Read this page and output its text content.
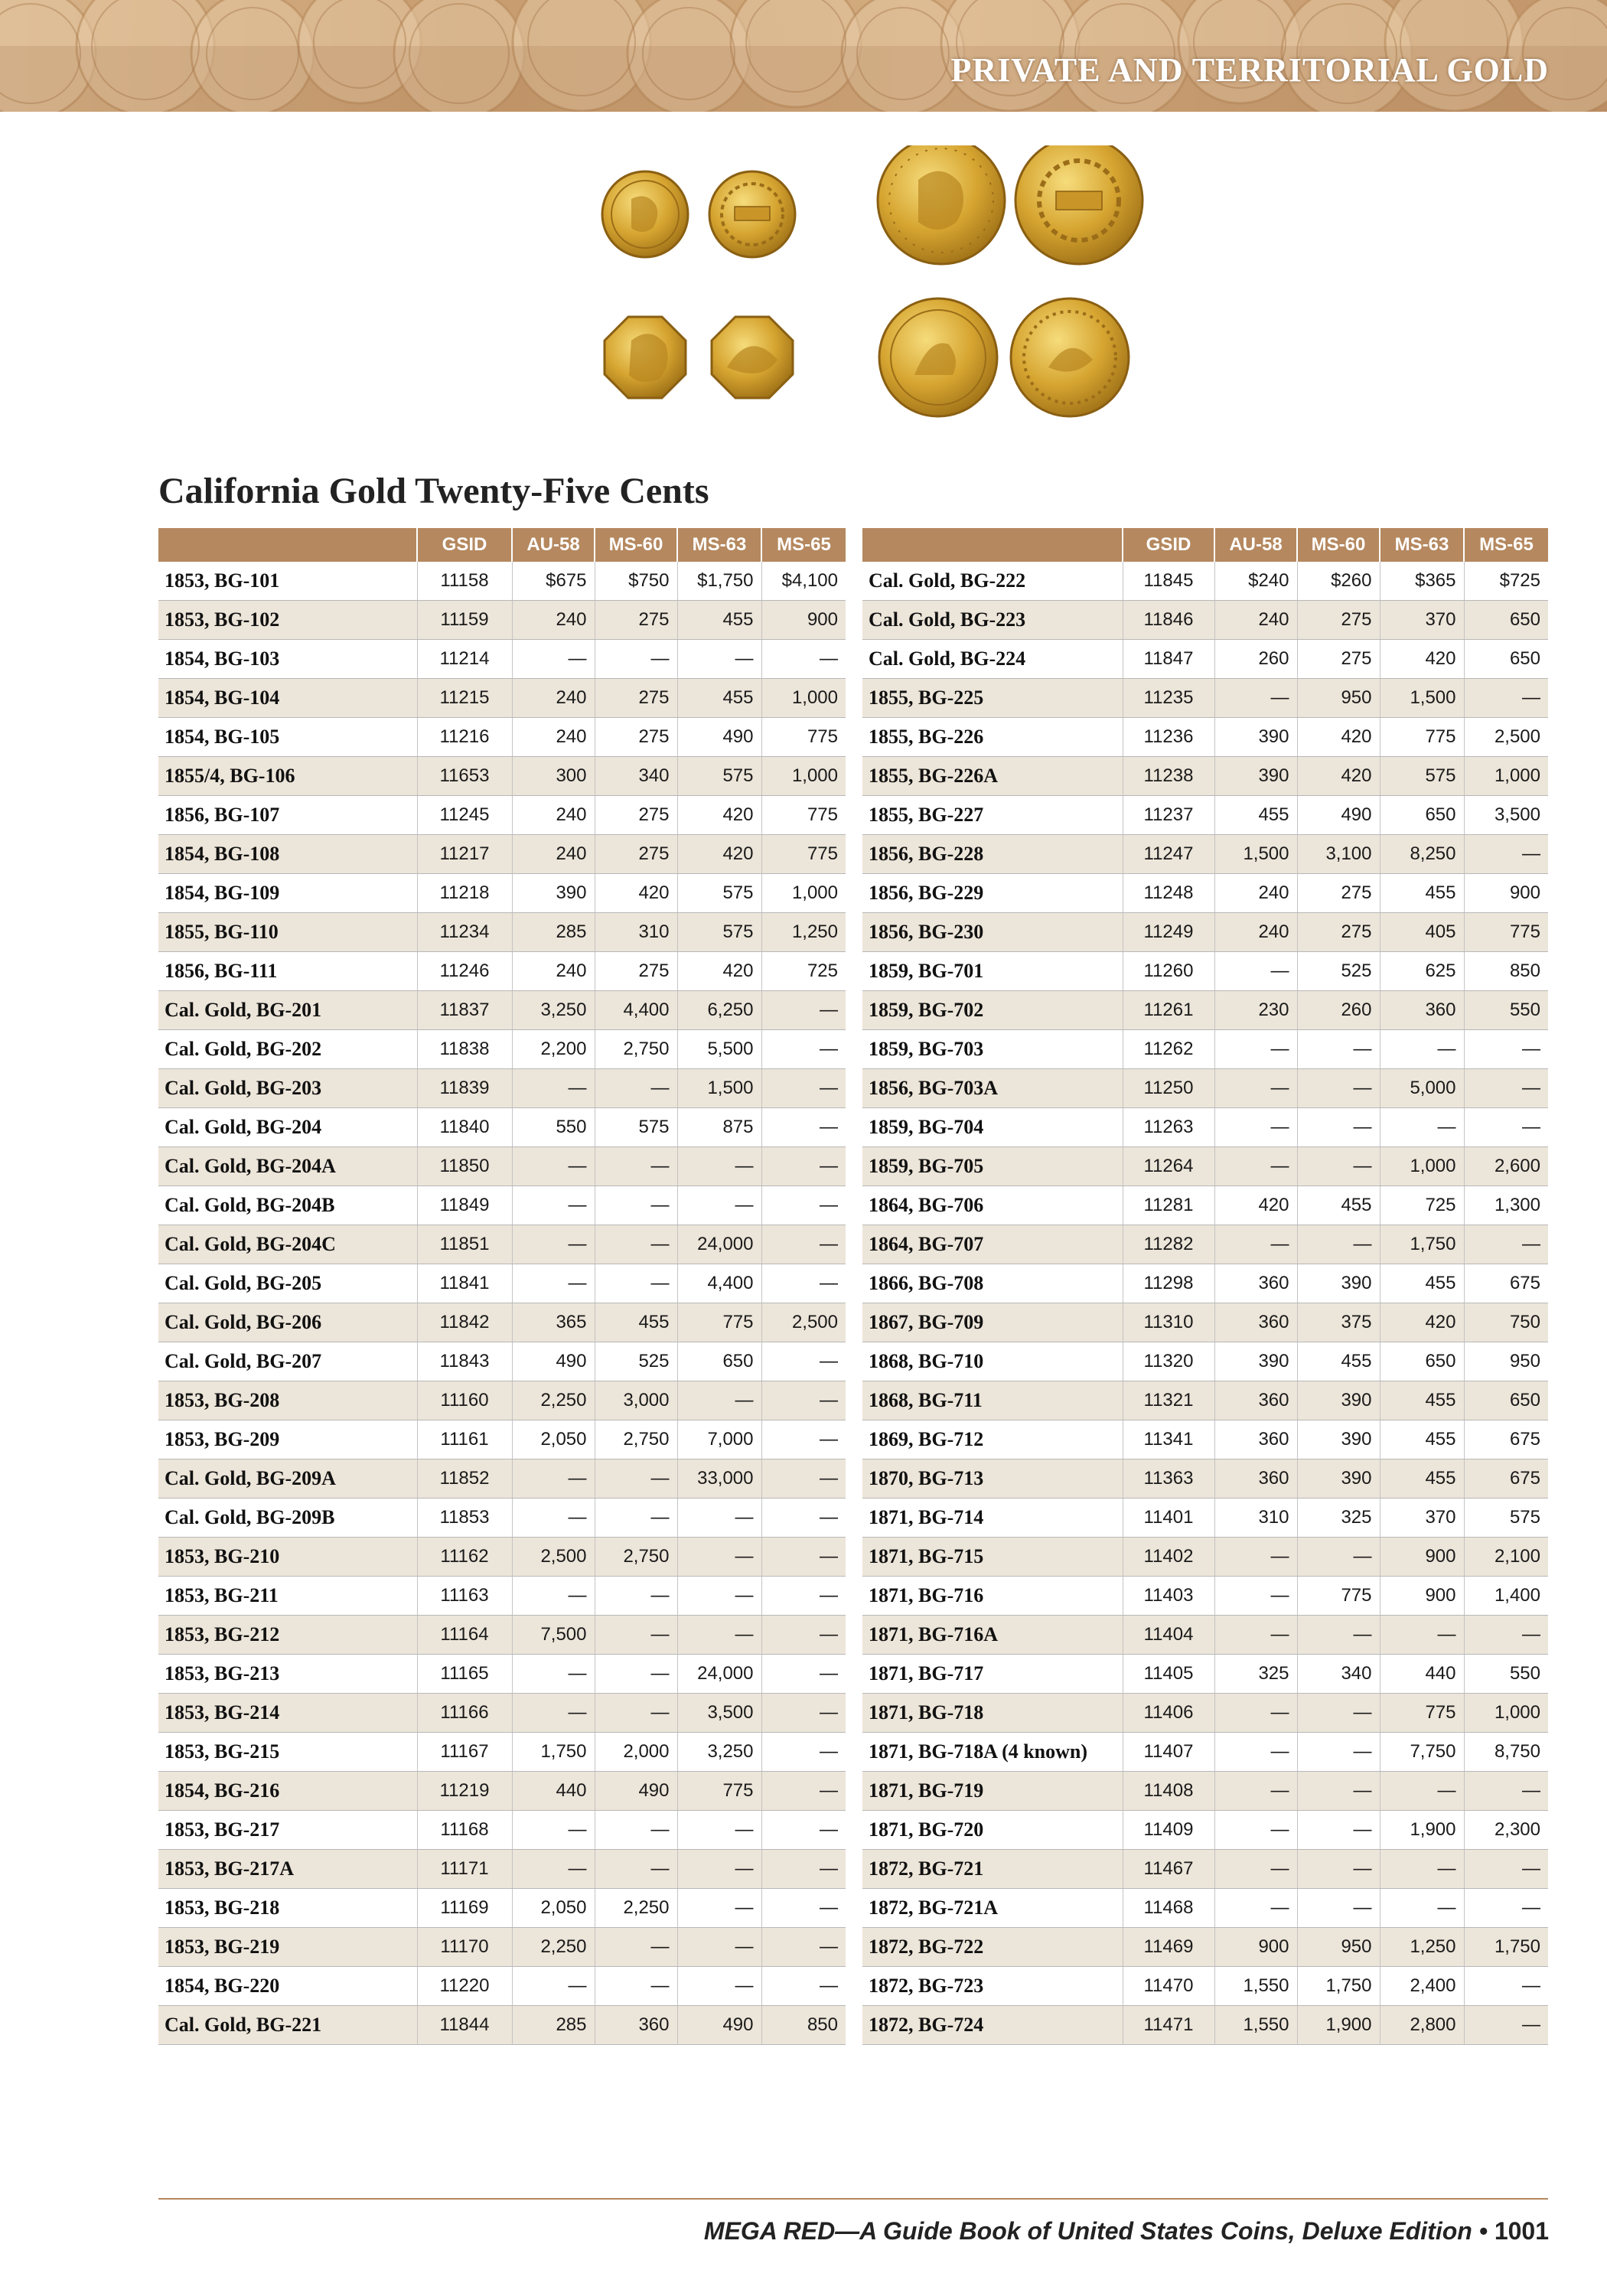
PRIVATE AND TERRITORIAL GOLD
California Gold Twenty-Five Cents
	GSID	AU-58	MS-60	MS-63	MS-65
1853, BG-101	11158	$675	$750	$1,750	$4,100
1853, BG-102	11159	240	275	455	900
1854, BG-103	11214	—	—	—	—
1854, BG-104	11215	240	275	455	1,000
1854, BG-105	11216	240	275	490	775
1855/4, BG-106	11653	300	340	575	1,000
1856, BG-107	11245	240	275	420	775
1854, BG-108	11217	240	275	420	775
1854, BG-109	11218	390	420	575	1,000
1855, BG-110	11234	285	310	575	1,250
1856, BG-111	11246	240	275	420	725
Cal. Gold, BG-201	11837	3,250	4,400	6,250	—
Cal. Gold, BG-202	11838	2,200	2,750	5,500	—
Cal. Gold, BG-203	11839	—	—	1,500	—
Cal. Gold, BG-204	11840	550	575	875	—
Cal. Gold, BG-204A	11850	—	—	—	—
Cal. Gold, BG-204B	11849	—	—	—	—
Cal. Gold, BG-204C	11851	—	—	24,000	—
Cal. Gold, BG-205	11841	—	—	4,400	—
Cal. Gold, BG-206	11842	365	455	775	2,500
Cal. Gold, BG-207	11843	490	525	650	—
1853, BG-208	11160	2,250	3,000	—	—
1853, BG-209	11161	2,050	2,750	7,000	—
Cal. Gold, BG-209A	11852	—	—	33,000	—
Cal. Gold, BG-209B	11853	—	—	—	—
1853, BG-210	11162	2,500	2,750	—	—
1853, BG-211	11163	—	—	—	—
1853, BG-212	11164	7,500	—	—	—
1853, BG-213	11165	—	—	24,000	—
1853, BG-214	11166	—	—	3,500	—
1853, BG-215	11167	1,750	2,000	3,250	—
1854, BG-216	11219	440	490	775	—
1853, BG-217	11168	—	—	—	—
1853, BG-217A	11171	—	—	—	—
1853, BG-218	11169	2,050	2,250	—	—
1853, BG-219	11170	2,250	—	—	—
1854, BG-220	11220	—	—	—	—
Cal. Gold, BG-221	11844	285	360	490	850
	GSID	AU-58	MS-60	MS-63	MS-65
Cal. Gold, BG-222	11845	$240	$260	$365	$725
Cal. Gold, BG-223	11846	240	275	370	650
Cal. Gold, BG-224	11847	260	275	420	650
1855, BG-225	11235	—	950	1,500	—
1855, BG-226	11236	390	420	775	2,500
1855, BG-226A	11238	390	420	575	1,000
1855, BG-227	11237	455	490	650	3,500
1856, BG-228	11247	1,500	3,100	8,250	—
1856, BG-229	11248	240	275	455	900
1856, BG-230	11249	240	275	405	775
1859, BG-701	11260	—	525	625	850
1859, BG-702	11261	230	260	360	550
1859, BG-703	11262	—	—	—	—
1856, BG-703A	11250	—	—	5,000	—
1859, BG-704	11263	—	—	—	—
1859, BG-705	11264	—	—	1,000	2,600
1864, BG-706	11281	420	455	725	1,300
1864, BG-707	11282	—	—	1,750	—
1866, BG-708	11298	360	390	455	675
1867, BG-709	11310	360	375	420	750
1868, BG-710	11320	390	455	650	950
1868, BG-711	11321	360	390	455	650
1869, BG-712	11341	360	390	455	675
1870, BG-713	11363	360	390	455	675
1871, BG-714	11401	310	325	370	575
1871, BG-715	11402	—	—	900	2,100
1871, BG-716	11403	—	775	900	1,400
1871, BG-716A	11404	—	—	—	—
1871, BG-717	11405	325	340	440	550
1871, BG-718	11406	—	—	775	1,000
1871, BG-718A (4 known)	11407	—	—	7,750	8,750
1871, BG-719	11408	—	—	—	—
1871, BG-720	11409	—	—	1,900	2,300
1872, BG-721	11467	—	—	—	—
1872, BG-721A	11468	—	—	—	—
1872, BG-722	11469	900	950	1,250	1,750
1872, BG-723	11470	1,550	1,750	2,400	—
1872, BG-724	11471	1,550	1,900	2,800	—
MEGA RED—A Guide Book of United States Coins, Deluxe Edition • 1001
